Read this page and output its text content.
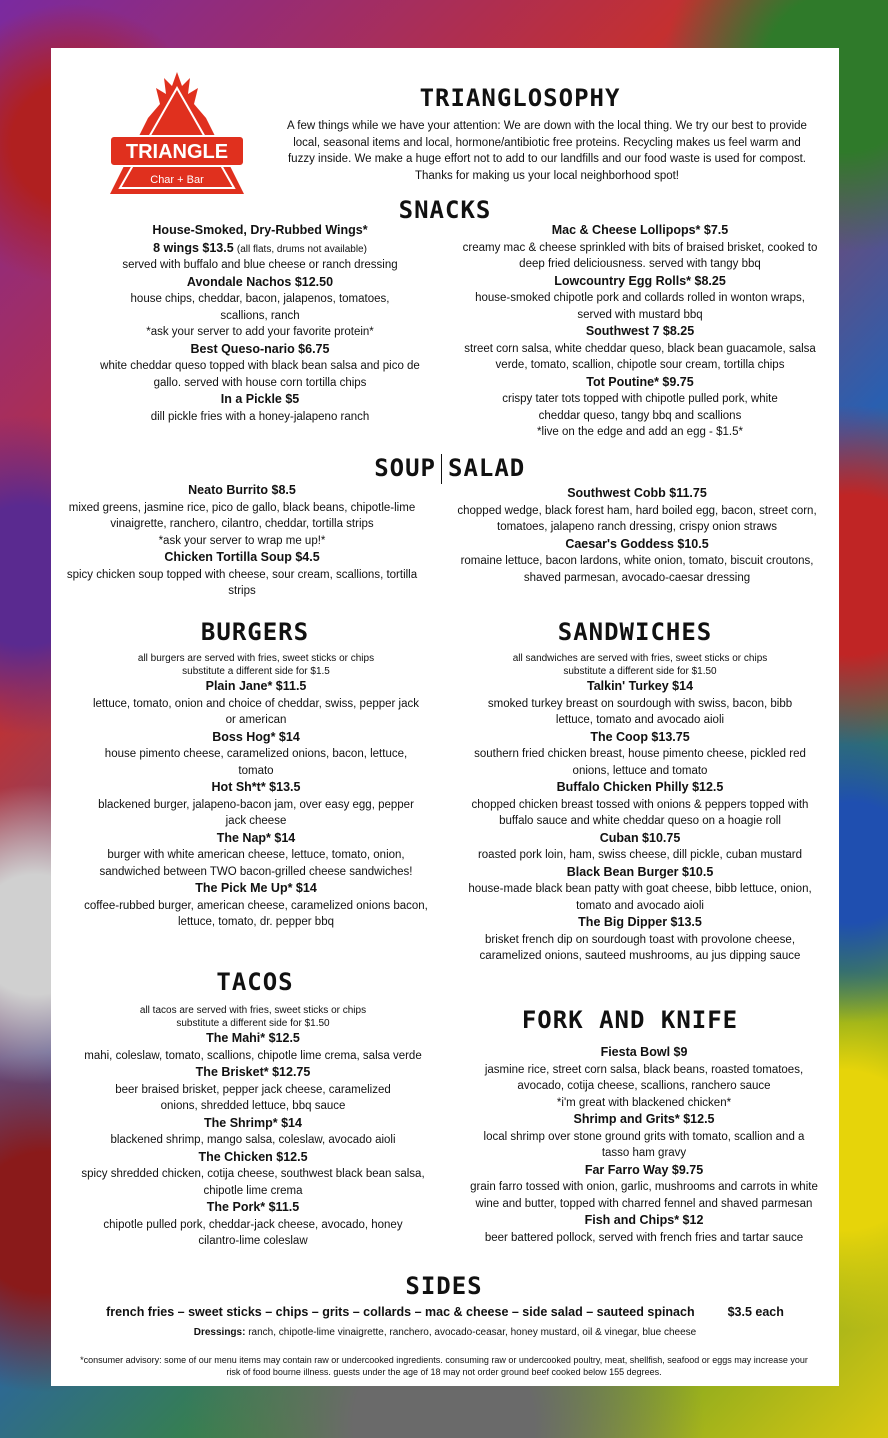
TRIANGLE
Char + Bar
TRIANGLOSOPHY
A few things while we have your attention: We are down with the local thing. We try our best to provide local, seasonal items and local, hormone/antibiotic free proteins. Recycling makes us feel warm and fuzzy inside. We make a huge effort not to add to our landfills and our food waste is used for compost. Thanks for making us your local neighborhood spot!
SNACKS
House-Smoked, Dry-Rubbed Wings*
8 wings $13.5 (all flats, drums not available)
served with buffalo and blue cheese or ranch dressing
Avondale Nachos $12.50
house chips, cheddar, bacon, jalapenos, tomatoes, scallions, ranch
*ask your server to add your favorite protein*
Best Queso-nario $6.75
white cheddar queso topped with black bean salsa and pico de gallo. served with house corn tortilla chips
In a Pickle $5
dill pickle fries with a honey-jalapeno ranch
Mac & Cheese Lollipops* $7.5
creamy mac & cheese sprinkled with bits of braised brisket, cooked to deep fried deliciousness. served with tangy bbq
Lowcountry Egg Rolls* $8.25
house-smoked chipotle pork and collards rolled in wonton wraps, served with mustard bbq
Southwest 7 $8.25
street corn salsa, white cheddar queso, black bean guacamole, salsa verde, tomato, scallion, chipotle sour cream, tortilla chips
Tot Poutine* $9.75
crispy tater tots topped with chipotle pulled pork, white cheddar queso, tangy bbq and scallions
*live on the edge and add an egg - $1.5*
SOUP SALAD
Neato Burrito $8.5
mixed greens, jasmine rice, pico de gallo, black beans, chipotle-lime vinaigrette, ranchero, cilantro, cheddar, tortilla strips
*ask your server to wrap me up!*
Chicken Tortilla Soup $4.5
spicy chicken soup topped with cheese, sour cream, scallions, tortilla strips
Southwest Cobb $11.75
chopped wedge, black forest ham, hard boiled egg, bacon, street corn, tomatoes, jalapeno ranch dressing, crispy onion straws
Caesar's Goddess $10.5
romaine lettuce, bacon lardons, white onion, tomato, biscuit croutons, shaved parmesan, avocado-caesar dressing
BURGERS
all burgers are served with fries, sweet sticks or chips
substitute a different side for $1.5
Plain Jane* $11.5
lettuce, tomato, onion and choice of cheddar, swiss, pepper jack or american
Boss Hog* $14
house pimento cheese, caramelized onions, bacon, lettuce, tomato
Hot Sh*t* $13.5
blackened burger, jalapeno-bacon jam, over easy egg, pepper jack cheese
The Nap* $14
burger with white american cheese, lettuce, tomato, onion, sandwiched between TWO bacon-grilled cheese sandwiches!
The Pick Me Up* $14
coffee-rubbed burger, american cheese, caramelized onions bacon, lettuce, tomato, dr. pepper bbq
SANDWICHES
all sandwiches are served with fries, sweet sticks or chips
substitute a different side for $1.50
Talkin' Turkey $14
smoked turkey breast on sourdough with swiss, bacon, bibb lettuce, tomato and avocado aioli
The Coop $13.75
southern fried chicken breast, house pimento cheese, pickled red onions, lettuce and tomato
Buffalo Chicken Philly $12.5
chopped chicken breast tossed with onions & peppers topped with buffalo sauce and white cheddar queso on a hoagie roll
Cuban $10.75
roasted pork loin, ham, swiss cheese, dill pickle, cuban mustard
Black Bean Burger $10.5
house-made black bean patty with goat cheese, bibb lettuce, onion, tomato and avocado aioli
The Big Dipper $13.5
brisket french dip on sourdough toast with provolone cheese, caramelized onions, sauteed mushrooms, au jus dipping sauce
TACOS
all tacos are served with fries, sweet sticks or chips
substitute a different side for $1.50
The Mahi* $12.5
mahi, coleslaw, tomato, scallions, chipotle lime crema, salsa verde
The Brisket* $12.75
beer braised brisket, pepper jack cheese, caramelized onions, shredded lettuce, bbq sauce
The Shrimp* $14
blackened shrimp, mango salsa, coleslaw, avocado aioli
The Chicken $12.5
spicy shredded chicken, cotija cheese, southwest black bean salsa, chipotle lime crema
The Pork* $11.5
chipotle pulled pork, cheddar-jack cheese, avocado, honey cilantro-lime coleslaw
FORK AND KNIFE
Fiesta Bowl $9
jasmine rice, street corn salsa, black beans, roasted tomatoes, avocado, cotija cheese, scallions, ranchero sauce
*i'm great with blackened chicken*
Shrimp and Grits* $12.5
local shrimp over stone ground grits with tomato, scallion and a tasso ham gravy
Far Farro Way $9.75
grain farro tossed with onion, garlic, mushrooms and carrots in white wine and butter, topped with charred fennel and shaved parmesan
Fish and Chips* $12
beer battered pollock, served with french fries and tartar sauce
SIDES
french fries – sweet sticks – chips – grits – collards – mac & cheese – side salad – sauteed spinach	$3.5 each
Dressings: ranch, chipotle-lime vinaigrette, ranchero, avocado-ceasar, honey mustard, oil & vinegar, blue cheese
*consumer advisory: some of our menu items may contain raw or undercooked ingredients. consuming raw or undercooked poultry, meat, shellfish, seafood or eggs may increase your risk of food bourne illness. guests under the age of 18 may not order ground beef cooked below 155 degrees.
